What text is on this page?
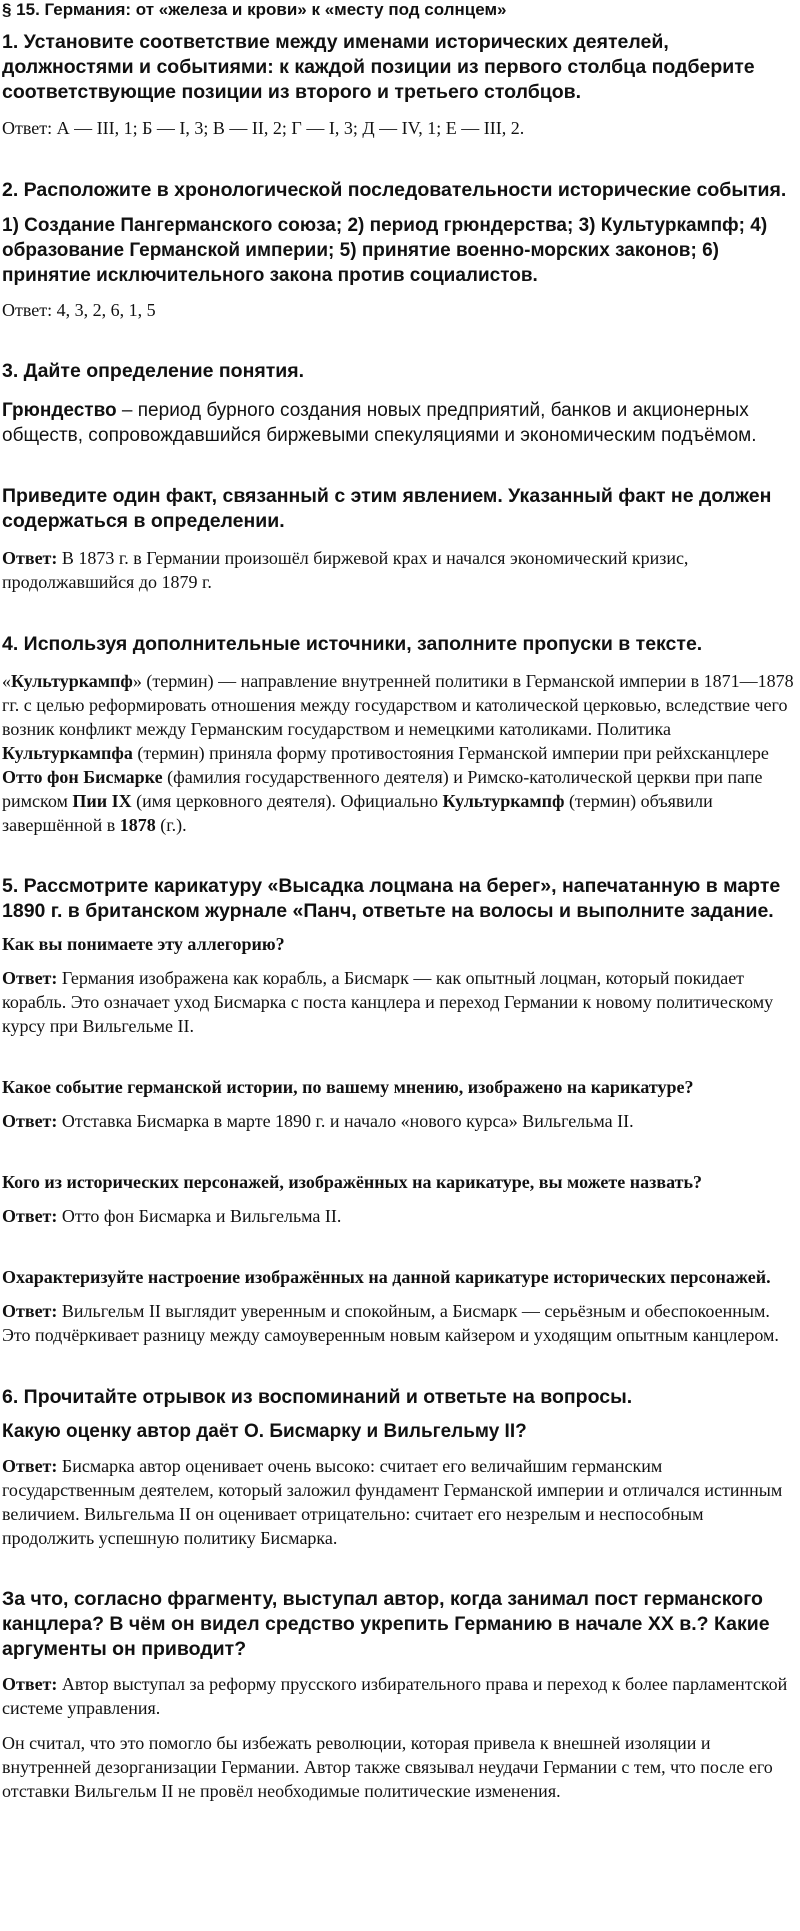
§ 15. Германия: от «железа и крови» к «месту под солнцем»

1. Установите соответствие между именами исторических деятелей, должностями и событиями: к каждой позиции из первого столбца подберите соответствующие позиции из второго и третьего столбцов.

Ответ: А — III, 1; Б — I, 3; В — II, 2; Г — I, 3; Д — IV, 1; Е — III, 2.

2. Расположите в хронологической последовательности исторические события.

1) Создание Пангерманского союза; 2) период грюндерства; 3) Культуркампф; 4) образование Германской империи; 5) принятие военно-морских законов; 6) принятие исключительного закона против социалистов.

Ответ: 4, 3, 2, 6, 1, 5

3. Дайте определение понятия.

Грюндество – период бурного создания новых предприятий, банков и акционерных обществ, сопровождавшийся биржевыми спекуляциями и экономическим подъёмом.

Приведите один факт, связанный с этим явлением. Указанный факт не должен содержаться в определении.

Ответ: В 1873 г. в Германии произошёл биржевой крах и начался экономический кризис, продолжавшийся до 1879 г.

4. Используя дополнительные источники, заполните пропуски в тексте.

«Культуркампф» (термин) — направление внутренней политики в Германской империи в 1871—1878 гг. с целью реформировать отношения между государством и католической церковью, вследствие чего возник конфликт между Германским государством и немецкими католиками. Политика Культуркампфа (термин) приняла форму противостояния Германской империи при рейхсканцлере Отто фон Бисмарке (фамилия государственного деятеля) и Римско-католической церкви при папе римском Пии IX (имя церковного деятеля). Официально Культуркампф (термин) объявили завершённой в 1878 (г.).

5. Рассмотрите карикатуру «Высадка лоцмана на берег», напечатанную в марте 1890 г. в британском журнале «Панч, ответьте на волосы и выполните задание.

Как вы понимаете эту аллегорию?

Ответ: Германия изображена как корабль, а Бисмарк — как опытный лоцман, который покидает корабль. Это означает уход Бисмарка с поста канцлера и переход Германии к новому политическому курсу при Вильгельме II.

Какое событие германской истории, по вашему мнению, изображено на карикатуре?

Ответ: Отставка Бисмарка в марте 1890 г. и начало «нового курса» Вильгельма II.

Кого из исторических персонажей, изображённых на карикатуре, вы можете назвать?

Ответ: Отто фон Бисмарка и Вильгельма II.

Охарактеризуйте настроение изображённых на данной карикатуре исторических персонажей.

Ответ: Вильгельм II выглядит уверенным и спокойным, а Бисмарк — серьёзным и обеспокоенным. Это подчёркивает разницу между самоуверенным новым кайзером и уходящим опытным канцлером.

6. Прочитайте отрывок из воспоминаний и ответьте на вопросы.

Какую оценку автор даёт О. Бисмарку и Вильгельму II?

Ответ: Бисмарка автор оценивает очень высоко: считает его величайшим германским государственным деятелем, который заложил фундамент Германской империи и отличался истинным величием. Вильгельма II он оценивает отрицательно: считает его незрелым и неспособным продолжить успешную политику Бисмарка.

За что, согласно фрагменту, выступал автор, когда занимал пост германского канцлера? В чём он видел средство укрепить Германию в начале XX в.? Какие аргументы он приводит?

Ответ: Автор выступал за реформу прусского избирательного права и переход к более парламентской системе управления.

Он считал, что это помогло бы избежать революции, которая привела к внешней изоляции и внутренней дезорганизации Германии. Автор также связывал неудачи Германии с тем, что после его отставки Вильгельм II не провёл необходимые политические изменения.
